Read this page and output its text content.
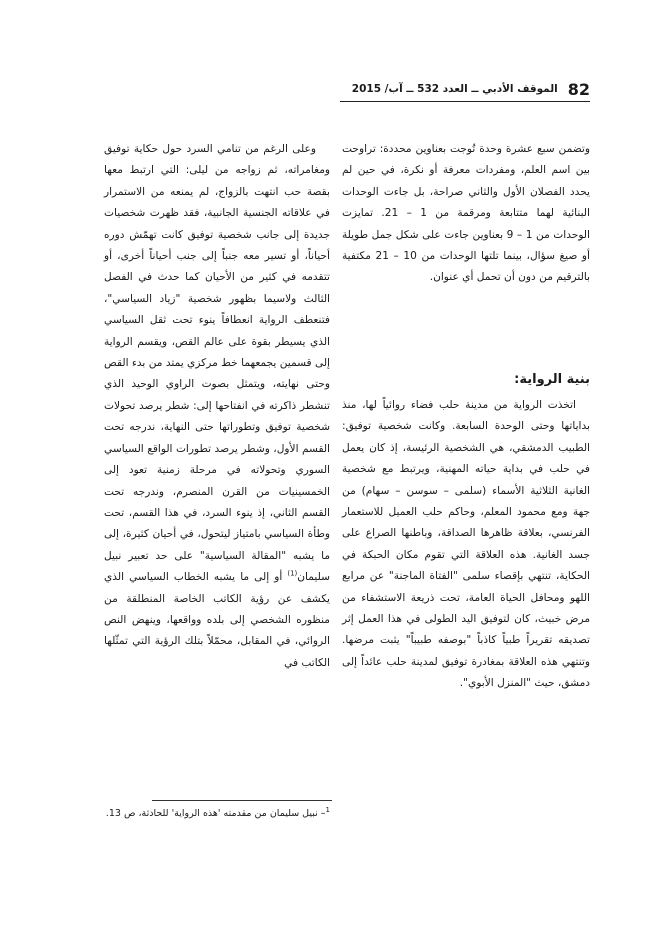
82
الموقف الأدبي ــ العدد 532 ــ آب/ 2015

وتضمن سبع عشرة وحدة تُوجت بعناوين محددة: تراوحت بين اسم العلم، ومفردات معرفة أو نكرة، في حين لم يحدد الفصلان الأول والثاني صراحة، بل جاءت الوحدات البنائية لهما متتابعة ومرقمة من 1 – 21. تمايزت الوحدات من 1 – 9 بعناوين جاءت على شكل جمل طويلة أو صيغ سؤال، بينما تلتها الوحدات من 10 – 21 مكتفية بالترقيم من دون أن تحمل أي عنوان.

بنية الرواية:

اتخذت الرواية من مدينة حلب فضاء روائياً لها، منذ بداياتها وحتى الوحدة السابعة. وكانت شخصية توفيق: الطبيب الدمشقي، هي الشخصية الرئيسة، إذ كان يعمل في حلب في بداية حياته المهنية، ويرتبط مع شخصية الغانية الثلاثية الأسماء (سلمى – سوسن – سهام) من جهة ومع محمود المعلم، وحاكم حلب العميل للاستعمار الفرنسي، بعلاقة ظاهرها الصداقة، وباطنها الصراع على جسد الغانية. هذه العلاقة التي تقوم مكان الحبكة في الحكاية، تنتهي بإقصاء سلمى "الفتاة الماجنة" عن مرابع اللهو ومحافل الحياة العامة، تحت ذريعة الاستشفاء من مرض خبيث، كان لتوفيق اليد الطولى في هذا العمل إثر تصديقه تقريراً طبياً كاذباً "بوصفه طبيباً" يثبت مرضها. وتنتهي هذه العلاقة بمغادرة توفيق لمدينة حلب عائداً إلى دمشق، حيث "المنزل الأبوي".

وعلى الرغم من تنامي السرد حول حكاية توفيق ومغامراته، ثم زواجه من ليلى: التي ارتبط معها بقصة حب انتهت بالزواج، لم يمنعه من الاستمرار في علاقاته الجنسية الجانبية، فقد ظهرت شخصيات جديدة إلى جانب شخصية توفيق كانت تهمّش دوره أحياناً، أو تسير معه جنباً إلى جنب أحياناً أخرى، أو تتقدمه في كثير من الأحيان كما حدث في الفصل الثالث ولاسيما بظهور شخصية "زياد السياسي"، فتنعطف الرواية انعطافاً ينوء تحت ثقل السياسي الذي يسيطر بقوة على عالم القص، ويقسم الرواية إلى قسمين يجمعهما خط مركزي يمتد من بدء القص وحتى نهايته، ويتمثل بصوت الراوي الوحيد الذي تنشطر ذاكرته في انفتاحها إلى: شطر يرصد تحولات شخصية توفيق وتطوراتها حتى النهاية، ندرجه تحت القسم الأول، وشطر يرصد تطورات الواقع السياسي السوري وتحولاته في مرحلة زمنية تعود إلى الخمسينيات من القرن المنصرم، وندرجه تحت القسم الثاني، إذ ينوء السرد، في هذا القسم، تحت وطأة السياسي بامتياز ليتحول، في أحيان كثيرة، إلى ما يشبه "المقالة السياسية" على حد تعبير نبيل سليمان$^{(1)}$ أو إلى ما يشبه الخطاب السياسي الذي يكشف عن رؤية الكاتب الخاصة المنطلقة من منظوره الشخصي إلى بلده وواقعها، وينهض النص الروائي، في المقابل، محمّلاً بتلك الرؤية التي تمثّلها الكاتب في

$^1$– نبيل سليمان من مقدمته 'هذه الرواية' للحادثة، ص 13.
